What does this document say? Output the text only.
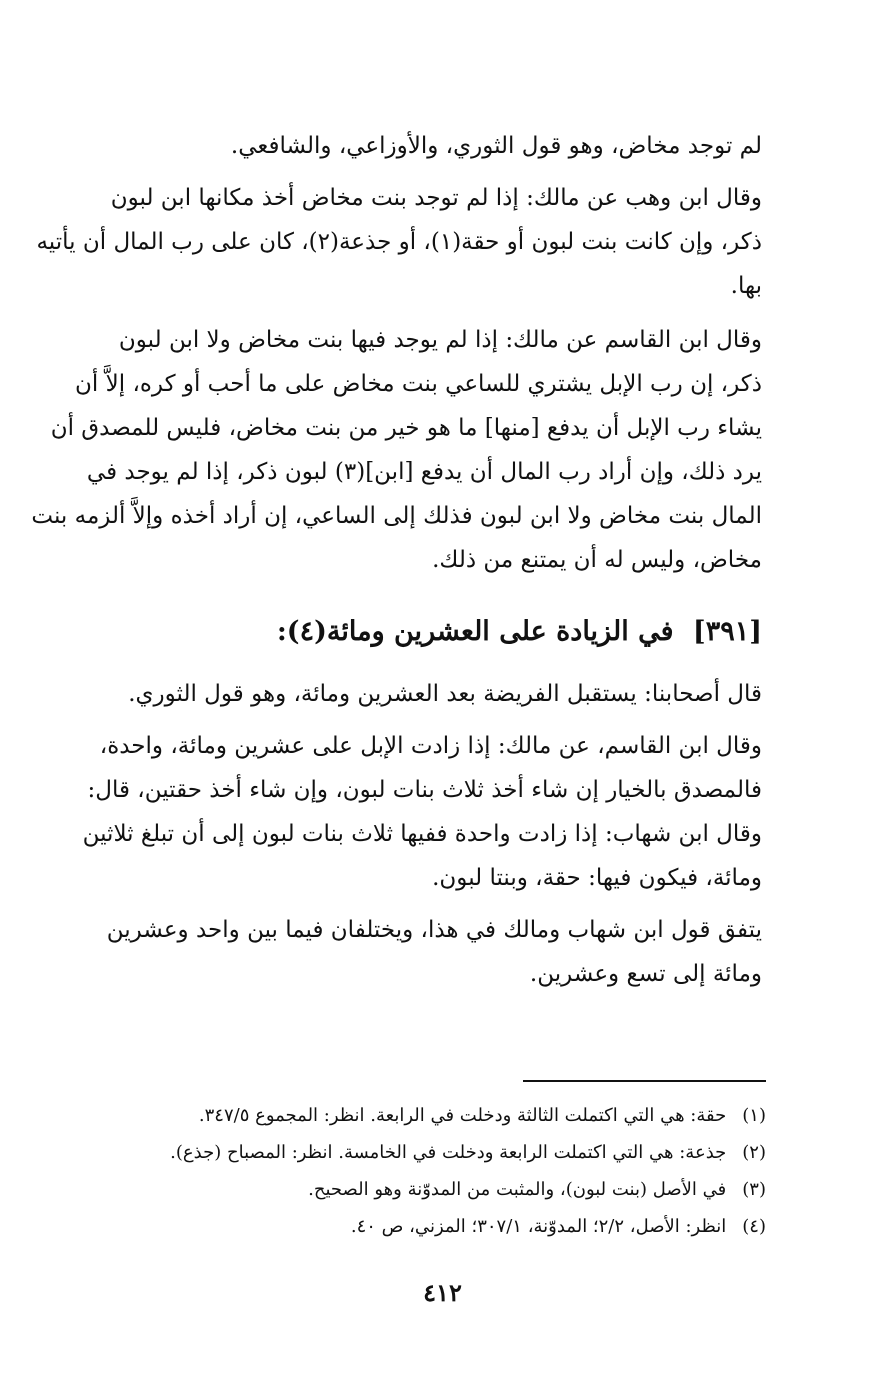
لم توجد مخاض، وهو قول الثوري، والأوزاعي، والشافعي.
وقال ابن وهب عن مالك: إذا لم توجد بنت مخاض أخذ مكانها ابن لبون
ذكر، وإن كانت بنت لبون أو حقة(١)، أو جذعة(٢)، كان على رب المال أن يأتيه
بها.
وقال ابن القاسم عن مالك: إذا لم يوجد فيها بنت مخاض ولا ابن لبون
ذكر، إن رب الإبل يشتري للساعي بنت مخاض على ما أحب أو كره، إلاَّ أن
يشاء رب الإبل أن يدفع [منها] ما هو خير من بنت مخاض، فليس للمصدق أن
يرد ذلك، وإن أراد رب المال أن يدفع [ابن](٣) لبون ذكر، إذا لم يوجد في
المال بنت مخاض ولا ابن لبون فذلك إلى الساعي، إن أراد أخذه وإلاَّ ألزمه بنت
مخاض، وليس له أن يمتنع من ذلك.
[٣٩١] في الزيادة على العشرين ومائة(٤):
قال أصحابنا: يستقبل الفريضة بعد العشرين ومائة، وهو قول الثوري.
وقال ابن القاسم، عن مالك: إذا زادت الإبل على عشرين ومائة، واحدة،
فالمصدق بالخيار إن شاء أخذ ثلاث بنات لبون، وإن شاء أخذ حقتين، قال:
وقال ابن شهاب: إذا زادت واحدة ففيها ثلاث بنات لبون إلى أن تبلغ ثلاثين
ومائة، فيكون فيها: حقة، وبنتا لبون.
يتفق قول ابن شهاب ومالك في هذا، ويختلفان فيما بين واحد وعشرين
ومائة إلى تسع وعشرين.
(١) حقة: هي التي اكتملت الثالثة ودخلت في الرابعة. انظر: المجموع ٣٤٧/٥.
(٢) جذعة: هي التي اكتملت الرابعة ودخلت في الخامسة. انظر: المصباح (جذع).
(٣) في الأصل (بنت لبون)، والمثبت من المدوّنة وهو الصحيح.
(٤) انظر: الأصل، ٢/٢؛ المدوّنة، ٣٠٧/١؛ المزني، ص ٤٠.
٤١٢
